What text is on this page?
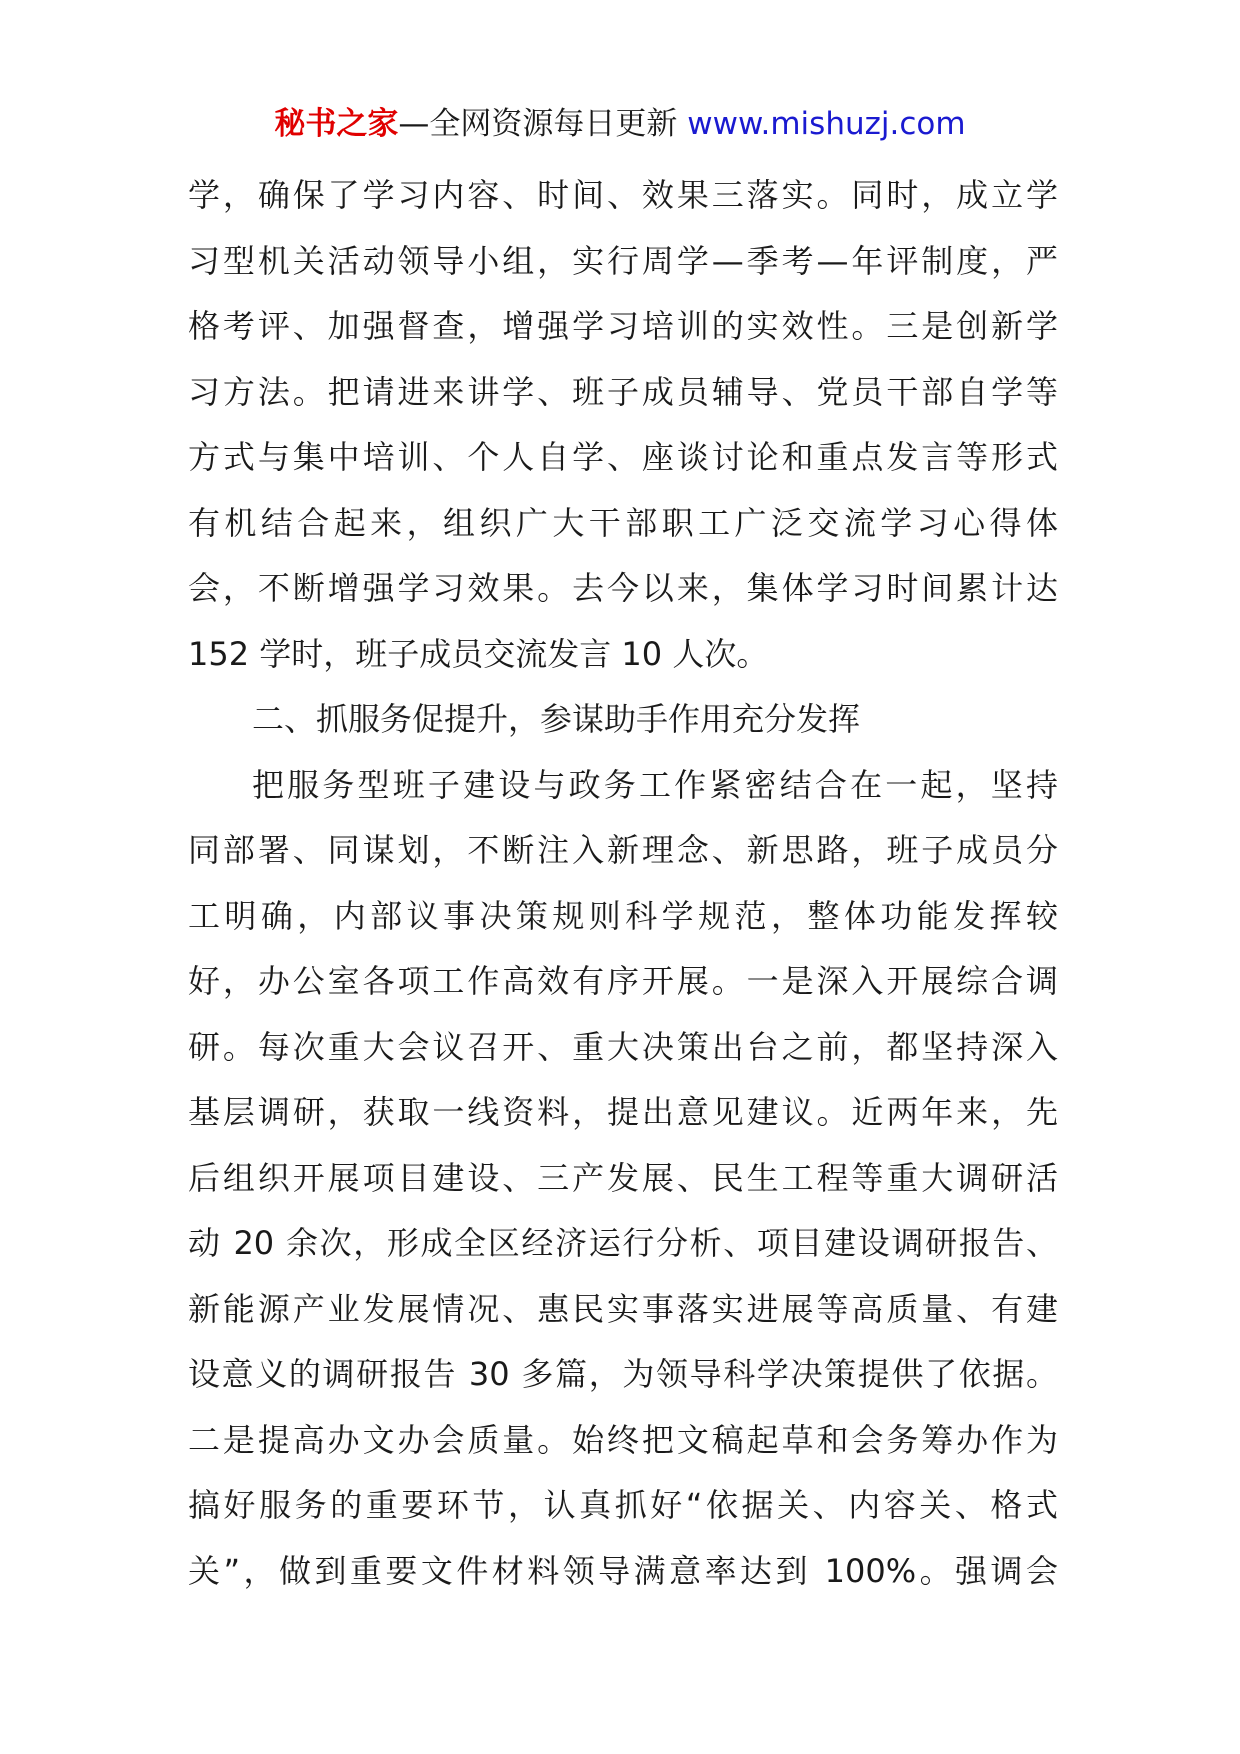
秘书之家—全网资源每日更新 www.mishuzj.com
学，确保了学习内容、时间、效果三落实。同时，成立学
习型机关活动领导小组，实行周学—季考—年评制度，严
格考评、加强督查，增强学习培训的实效性。三是创新学
习方法。把请进来讲学、班子成员辅导、党员干部自学等
方式与集中培训、个人自学、座谈讨论和重点发言等形式
有机结合起来，组织广大干部职工广泛交流学习心得体
会，不断增强学习效果。去今以来，集体学习时间累计达
152 学时，班子成员交流发言 10 人次。
二、抓服务促提升，参谋助手作用充分发挥
把服务型班子建设与政务工作紧密结合在一起，坚持
同部署、同谋划，不断注入新理念、新思路，班子成员分
工明确，内部议事决策规则科学规范，整体功能发挥较
好，办公室各项工作高效有序开展。一是深入开展综合调
研。每次重大会议召开、重大决策出台之前，都坚持深入
基层调研，获取一线资料，提出意见建议。近两年来，先
后组织开展项目建设、三产发展、民生工程等重大调研活
动 20 余次，形成全区经济运行分析、项目建设调研报告、
新能源产业发展情况、惠民实事落实进展等高质量、有建
设意义的调研报告 30 多篇，为领导科学决策提供了依据。
二是提高办文办会质量。始终把文稿起草和会务筹办作为
搞好服务的重要环节，认真抓好“依据关、内容关、格式
关”，做到重要文件材料领导满意率达到 100%。强调会
